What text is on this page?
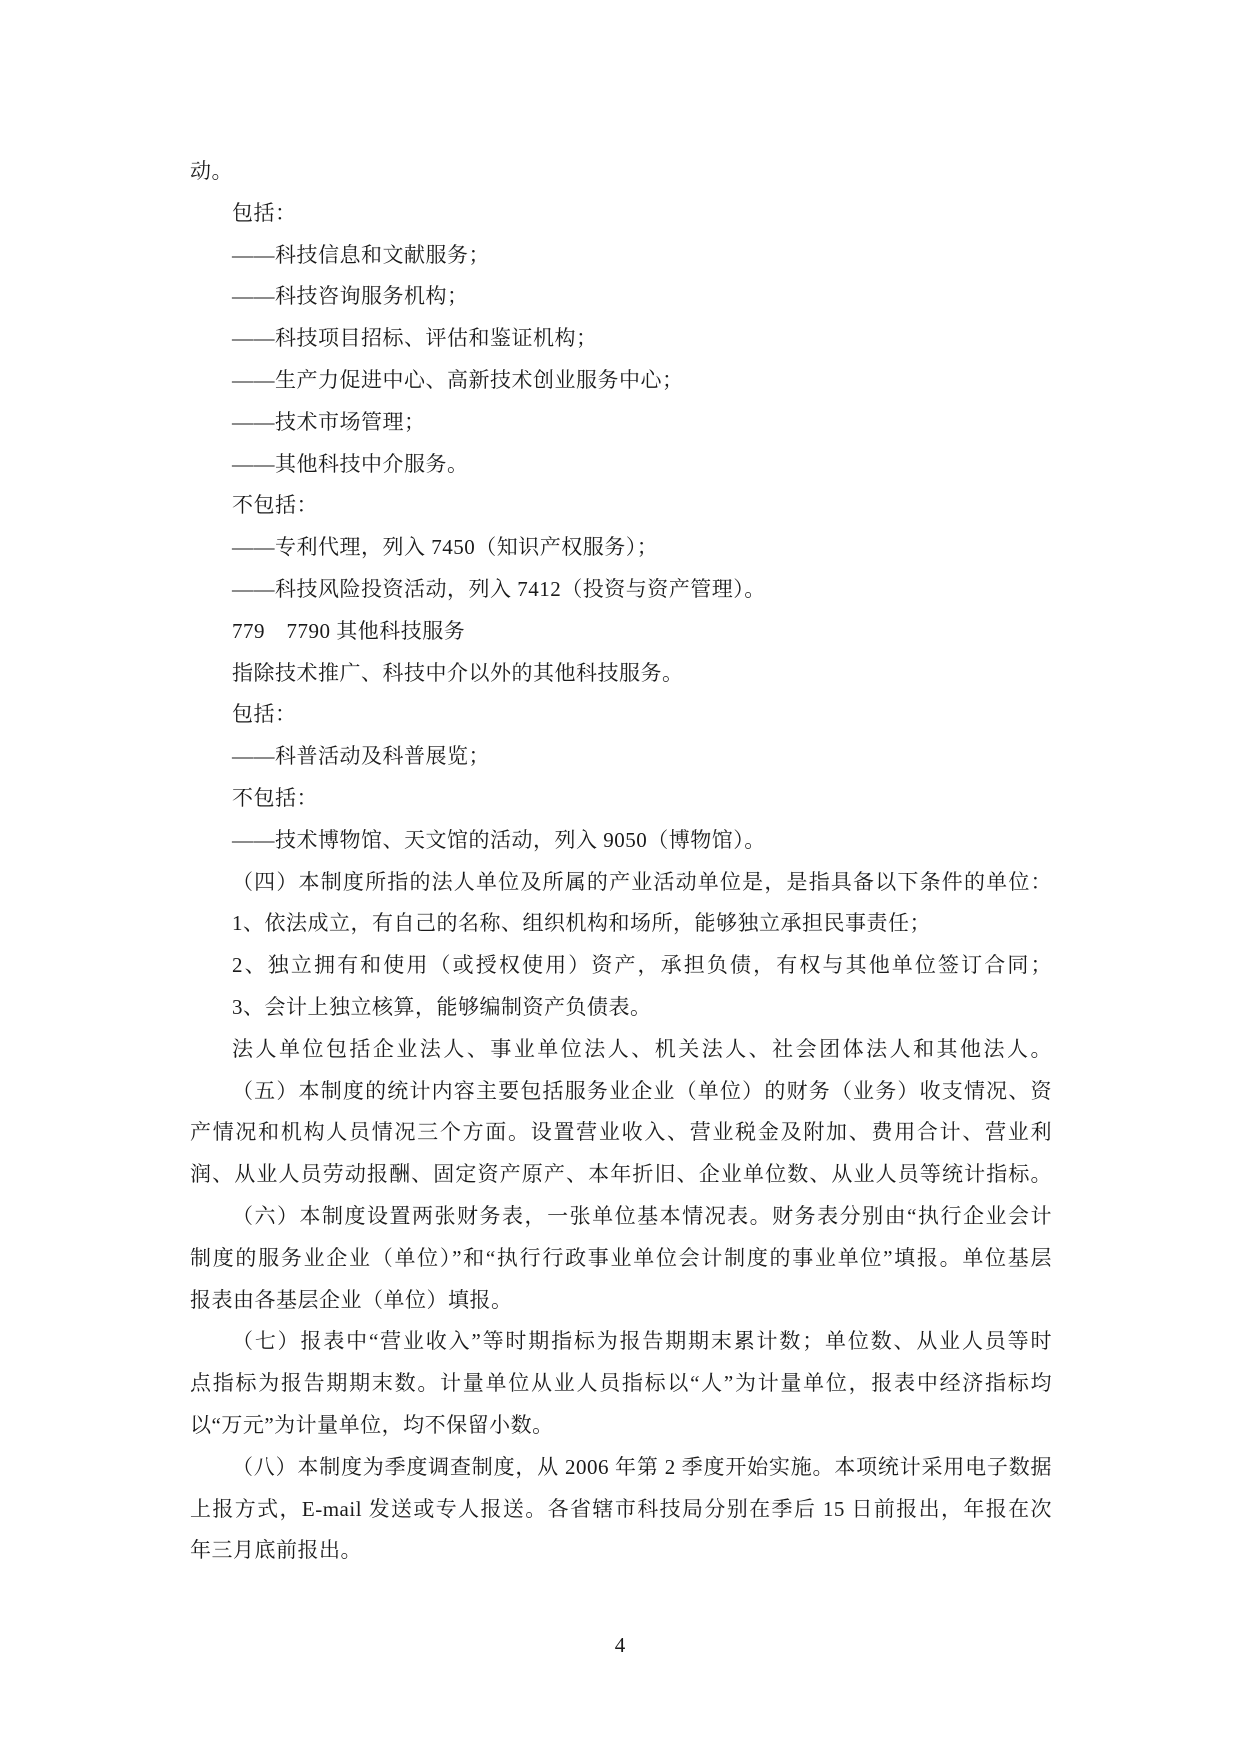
动。
包括：
——科技信息和文献服务；
——科技咨询服务机构；
——科技项目招标、评估和鉴证机构；
——生产力促进中心、高新技术创业服务中心；
——技术市场管理；
——其他科技中介服务。
不包括：
——专利代理，列入 7450（知识产权服务）；
——科技风险投资活动，列入 7412（投资与资产管理）。
779　7790 其他科技服务
指除技术推广、科技中介以外的其他科技服务。
包括：
——科普活动及科普展览；
不包括：
——技术博物馆、天文馆的活动，列入 9050（博物馆）。
（四）本制度所指的法人单位及所属的产业活动单位是，是指具备以下条件的单位：
1、依法成立，有自己的名称、组织机构和场所，能够独立承担民事责任；
2、独立拥有和使用（或授权使用）资产，承担负债，有权与其他单位签订合同；
3、会计上独立核算，能够编制资产负债表。
法人单位包括企业法人、事业单位法人、机关法人、社会团体法人和其他法人。
（五）本制度的统计内容主要包括服务业企业（单位）的财务（业务）收支情况、资
产情况和机构人员情况三个方面。设置营业收入、营业税金及附加、费用合计、营业利
润、从业人员劳动报酬、固定资产原产、本年折旧、企业单位数、从业人员等统计指标。
（六）本制度设置两张财务表，一张单位基本情况表。财务表分别由“执行企业会计
制度的服务业企业（单位）”和“执行行政事业单位会计制度的事业单位”填报。单位基层
报表由各基层企业（单位）填报。
（七）报表中“营业收入”等时期指标为报告期期末累计数；单位数、从业人员等时
点指标为报告期期末数。计量单位从业人员指标以“人”为计量单位，报表中经济指标均
以“万元”为计量单位，均不保留小数。
（八）本制度为季度调查制度，从 2006 年第 2 季度开始实施。本项统计采用电子数据
上报方式，E-mail 发送或专人报送。各省辖市科技局分别在季后 15 日前报出，年报在次
年三月底前报出。
4
